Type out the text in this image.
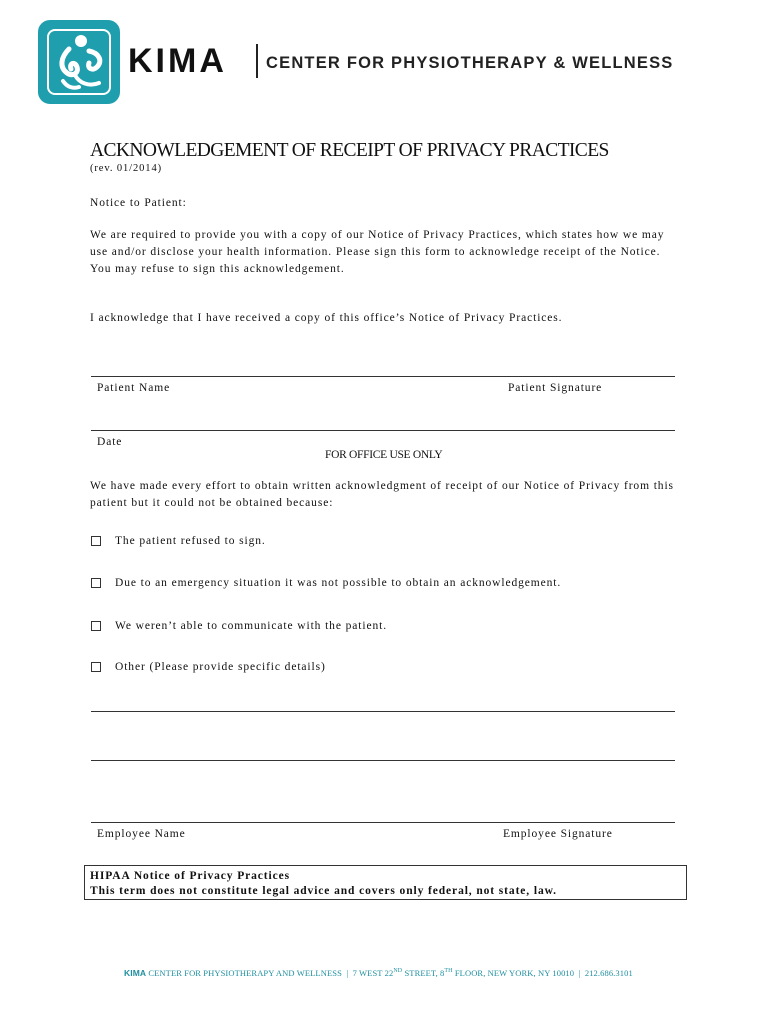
KIMA CENTER FOR PHYSIOTHERAPY & WELLNESS
ACKNOWLEDGEMENT OF RECEIPT OF PRIVACY PRACTICES
(rev. 01/2014)
Notice to Patient:
We are required to provide you with a copy of our Notice of Privacy Practices, which states how we may
use and/or disclose your health information. Please sign this form to acknowledge receipt of the Notice.
You may refuse to sign this acknowledgement.
I acknowledge that I have received a copy of this office’s Notice of Privacy Practices.
Patient Name	Patient Signature
Date
FOR OFFICE USE ONLY
We have made every effort to obtain written acknowledgment of receipt of our Notice of Privacy from this
patient but it could not be obtained because:
The patient refused to sign.
Due to an emergency situation it was not possible to obtain an acknowledgement.
We weren’t able to communicate with the patient.
Other (Please provide specific details)
Employee Name	Employee Signature
HIPAA Notice of Privacy Practices
This term does not constitute legal advice and covers only federal, not state, law.
KIMA CENTER FOR PHYSIOTHERAPY AND WELLNESS | 7 WEST 22ND STREET, 8TH FLOOR, NEW YORK, NY 10010 | 212.686.3101
